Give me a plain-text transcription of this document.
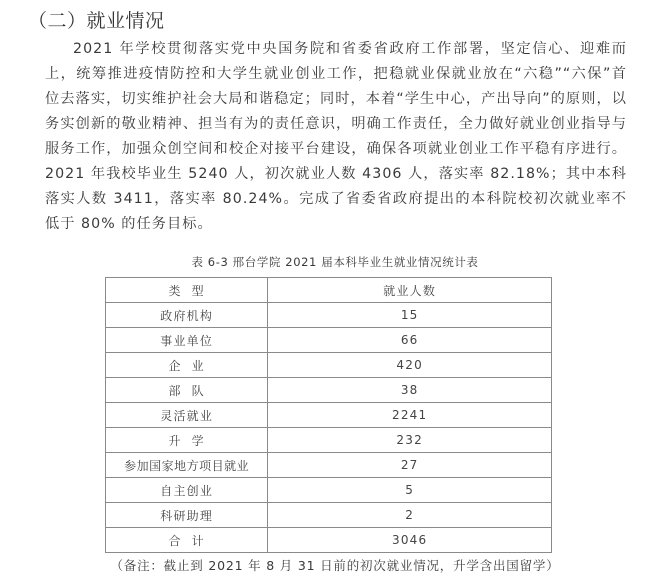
（二）就业情况

2021 年学校贯彻落实党中央国务院和省委省政府工作部署，坚定信心、迎难而上，统筹推进疫情防控和大学生就业创业工作，把稳就业保就业放在“六稳”“六保”首位去落实，切实维护社会大局和谐稳定；同时，本着“学生中心，产出导向”的原则，以务实创新的敬业精神、担当有为的责任意识，明确工作责任，全力做好就业创业指导与服务工作，加强众创空间和校企对接平台建设，确保各项就业创业工作平稳有序进行。2021 年我校毕业生 5240 人，初次就业人数 4306 人，落实率 82.18%；其中本科落实人数 3411，落实率 80.24%。完成了省委省政府提出的本科院校初次就业率不低于 80% 的任务目标。

表 6-3 邢台学院 2021 届本科毕业生就业情况统计表
类  型	就业人数
政府机构	15
事业单位	66
企  业	420
部  队	38
灵活就业	2241
升  学	232
参加国家地方项目就业	27
自主创业	5
科研助理	2
合  计	3046
（备注：截止到 2021 年 8 月 31 日前的初次就业情况，升学含出国留学）
